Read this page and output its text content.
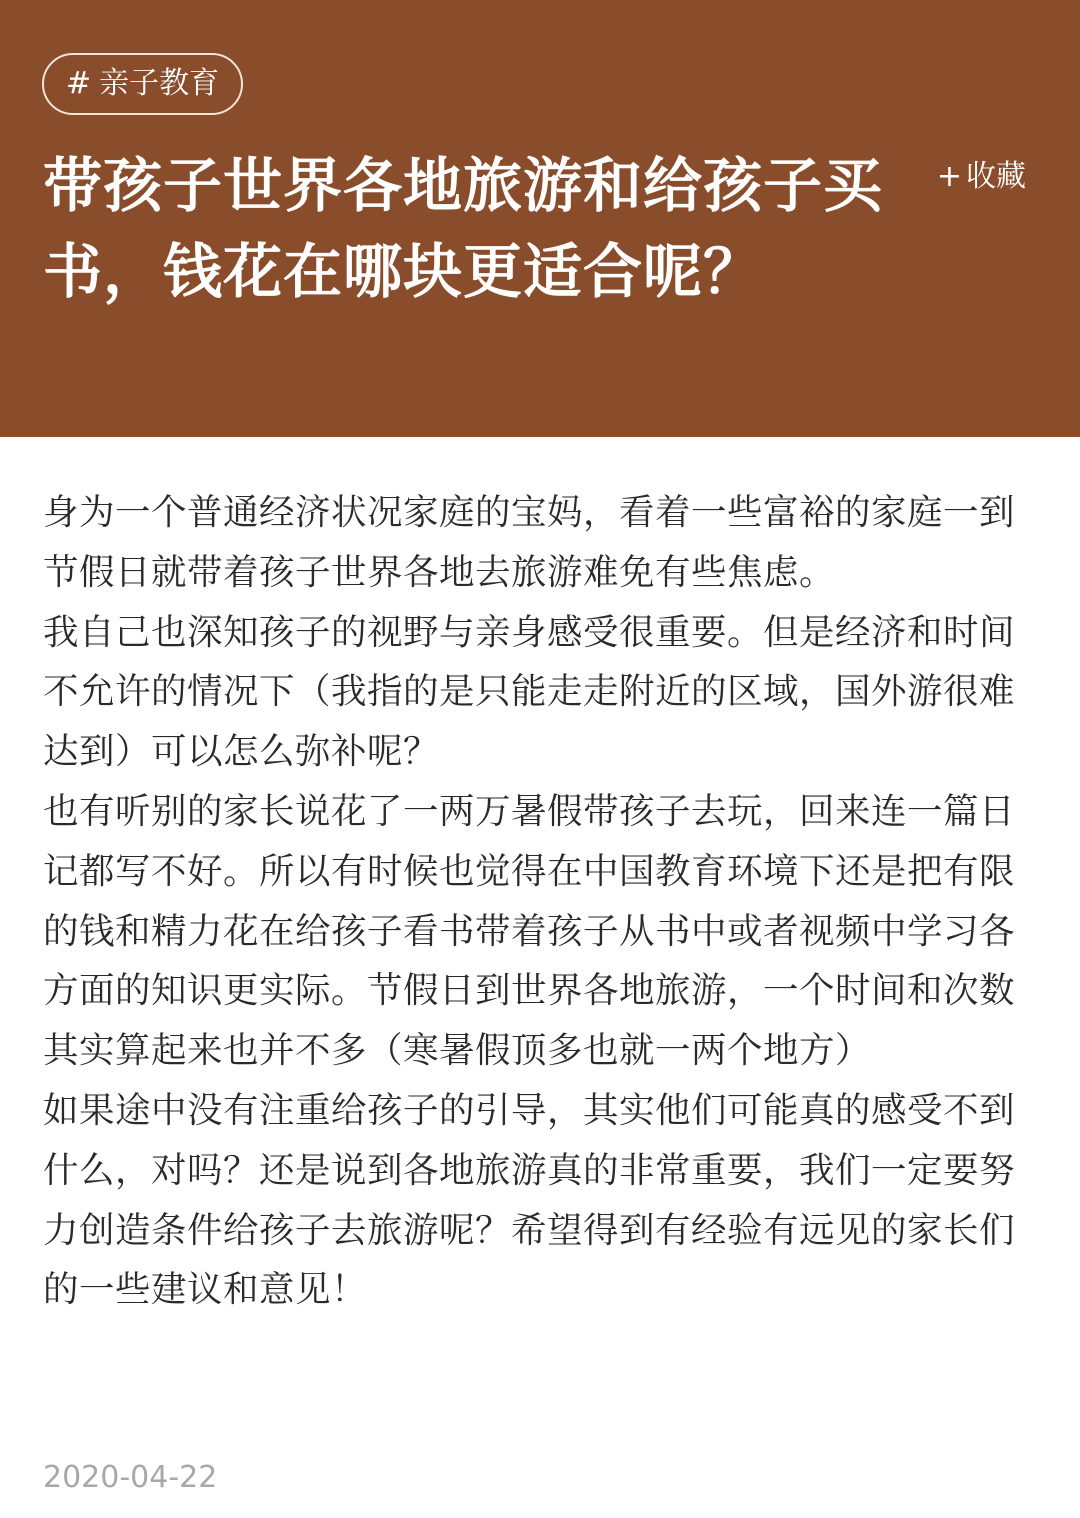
# 亲子教育
带孩子世界各地旅游和给孩子买书，钱花在哪块更适合呢？
+ 收藏

身为一个普通经济状况家庭的宝妈，看着一些富裕的家庭一到节假日就带着孩子世界各地去旅游难免有些焦虑。

我自己也深知孩子的视野与亲身感受很重要。但是经济和时间不允许的情况下（我指的是只能走走附近的区域，国外游很难达到）可以怎么弥补呢？

也有听别的家长说花了一两万暑假带孩子去玩，回来连一篇日记都写不好。所以有时候也觉得在中国教育环境下还是把有限的钱和精力花在给孩子看书带着孩子从书中或者视频中学习各方面的知识更实际。节假日到世界各地旅游，一个时间和次数其实算起来也并不多（寒暑假顶多也就一两个地方）

如果途中没有注重给孩子的引导，其实他们可能真的感受不到什么，对吗？还是说到各地旅游真的非常重要，我们一定要努力创造条件给孩子去旅游呢？希望得到有经验有远见的家长们的一些建议和意见！

2020-04-22
